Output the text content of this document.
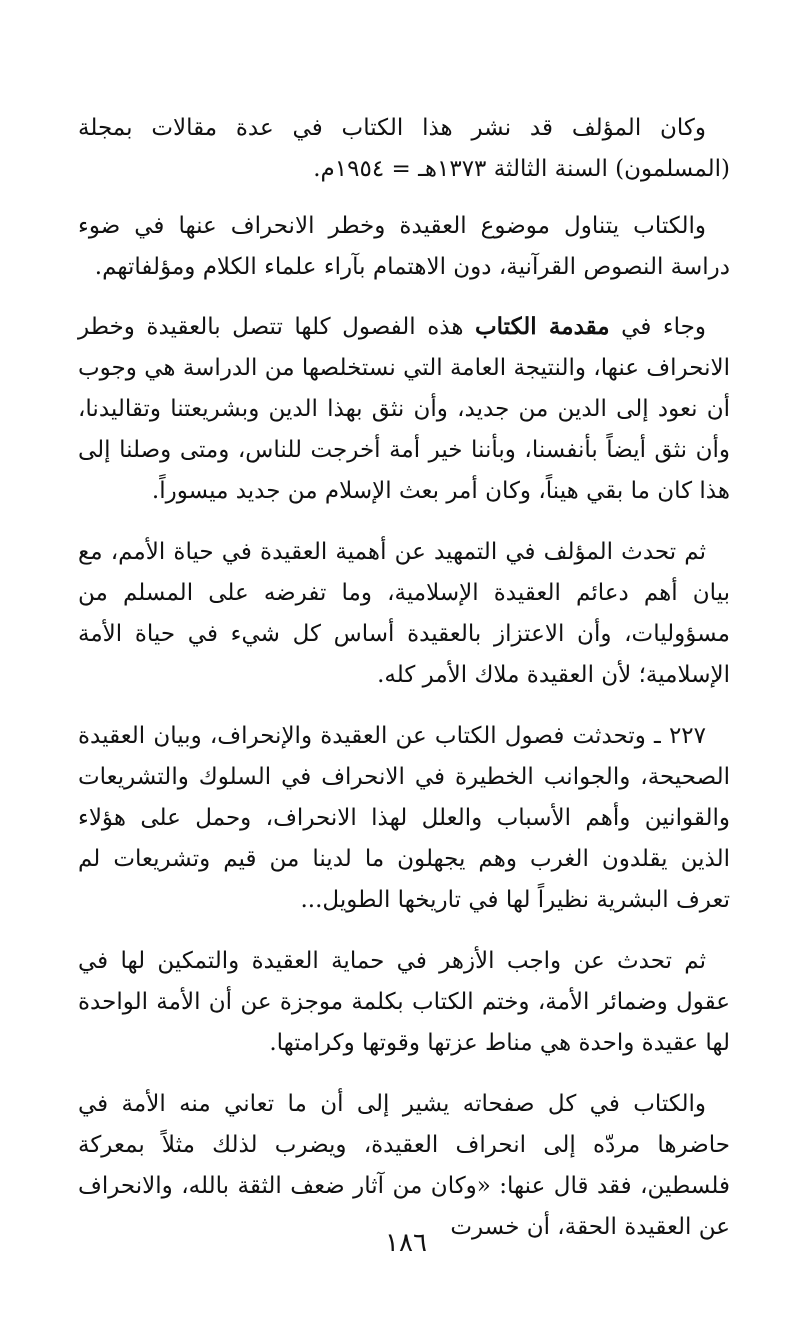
وكان المؤلف قد نشر هذا الكتاب في عدة مقالات بمجلة (المسلمون) السنة الثالثة ١٣٧٣هـ = ١٩٥٤م.

والكتاب يتناول موضوع العقيدة وخطر الانحراف عنها في ضوء دراسة النصوص القرآنية، دون الاهتمام بآراء علماء الكلام ومؤلفاتهم.

وجاء في مقدمة الكتاب هذه الفصول كلها تتصل بالعقيدة وخطر الانحراف عنها، والنتيجة العامة التي نستخلصها من الدراسة هي وجوب أن نعود إلى الدين من جديد، وأن نثق بهذا الدين وبشريعتنا وتقاليدنا، وأن نثق أيضاً بأنفسنا، وبأننا خير أمة أخرجت للناس، ومتى وصلنا إلى هذا كان ما بقي هيناً، وكان أمر بعث الإسلام من جديد ميسوراً.

ثم تحدث المؤلف في التمهيد عن أهمية العقيدة في حياة الأمم، مع بيان أهم دعائم العقيدة الإسلامية، وما تفرضه على المسلم من مسؤوليات، وأن الاعتزاز بالعقيدة أساس كل شيء في حياة الأمة الإسلامية؛ لأن العقيدة ملاك الأمر كله.

٢٢٧ ـ وتحدثت فصول الكتاب عن العقيدة والإنحراف، وبيان العقيدة الصحيحة، والجوانب الخطيرة في الانحراف في السلوك والتشريعات والقوانين وأهم الأسباب والعلل لهذا الانحراف، وحمل على هؤلاء الذين يقلدون الغرب وهم يجهلون ما لدينا من قيم وتشريعات لم تعرف البشرية نظيراً لها في تاريخها الطويل...

ثم تحدث عن واجب الأزهر في حماية العقيدة والتمكين لها في عقول وضمائر الأمة، وختم الكتاب بكلمة موجزة عن أن الأمة الواحدة لها عقيدة واحدة هي مناط عزتها وقوتها وكرامتها.

والكتاب في كل صفحاته يشير إلى أن ما تعاني منه الأمة في حاضرها مردّه إلى انحراف العقيدة، ويضرب لذلك مثلاً بمعركة فلسطين، فقد قال عنها: «وكان من آثار ضعف الثقة بالله، والانحراف عن العقيدة الحقة، أن خسرت

١٨٦
